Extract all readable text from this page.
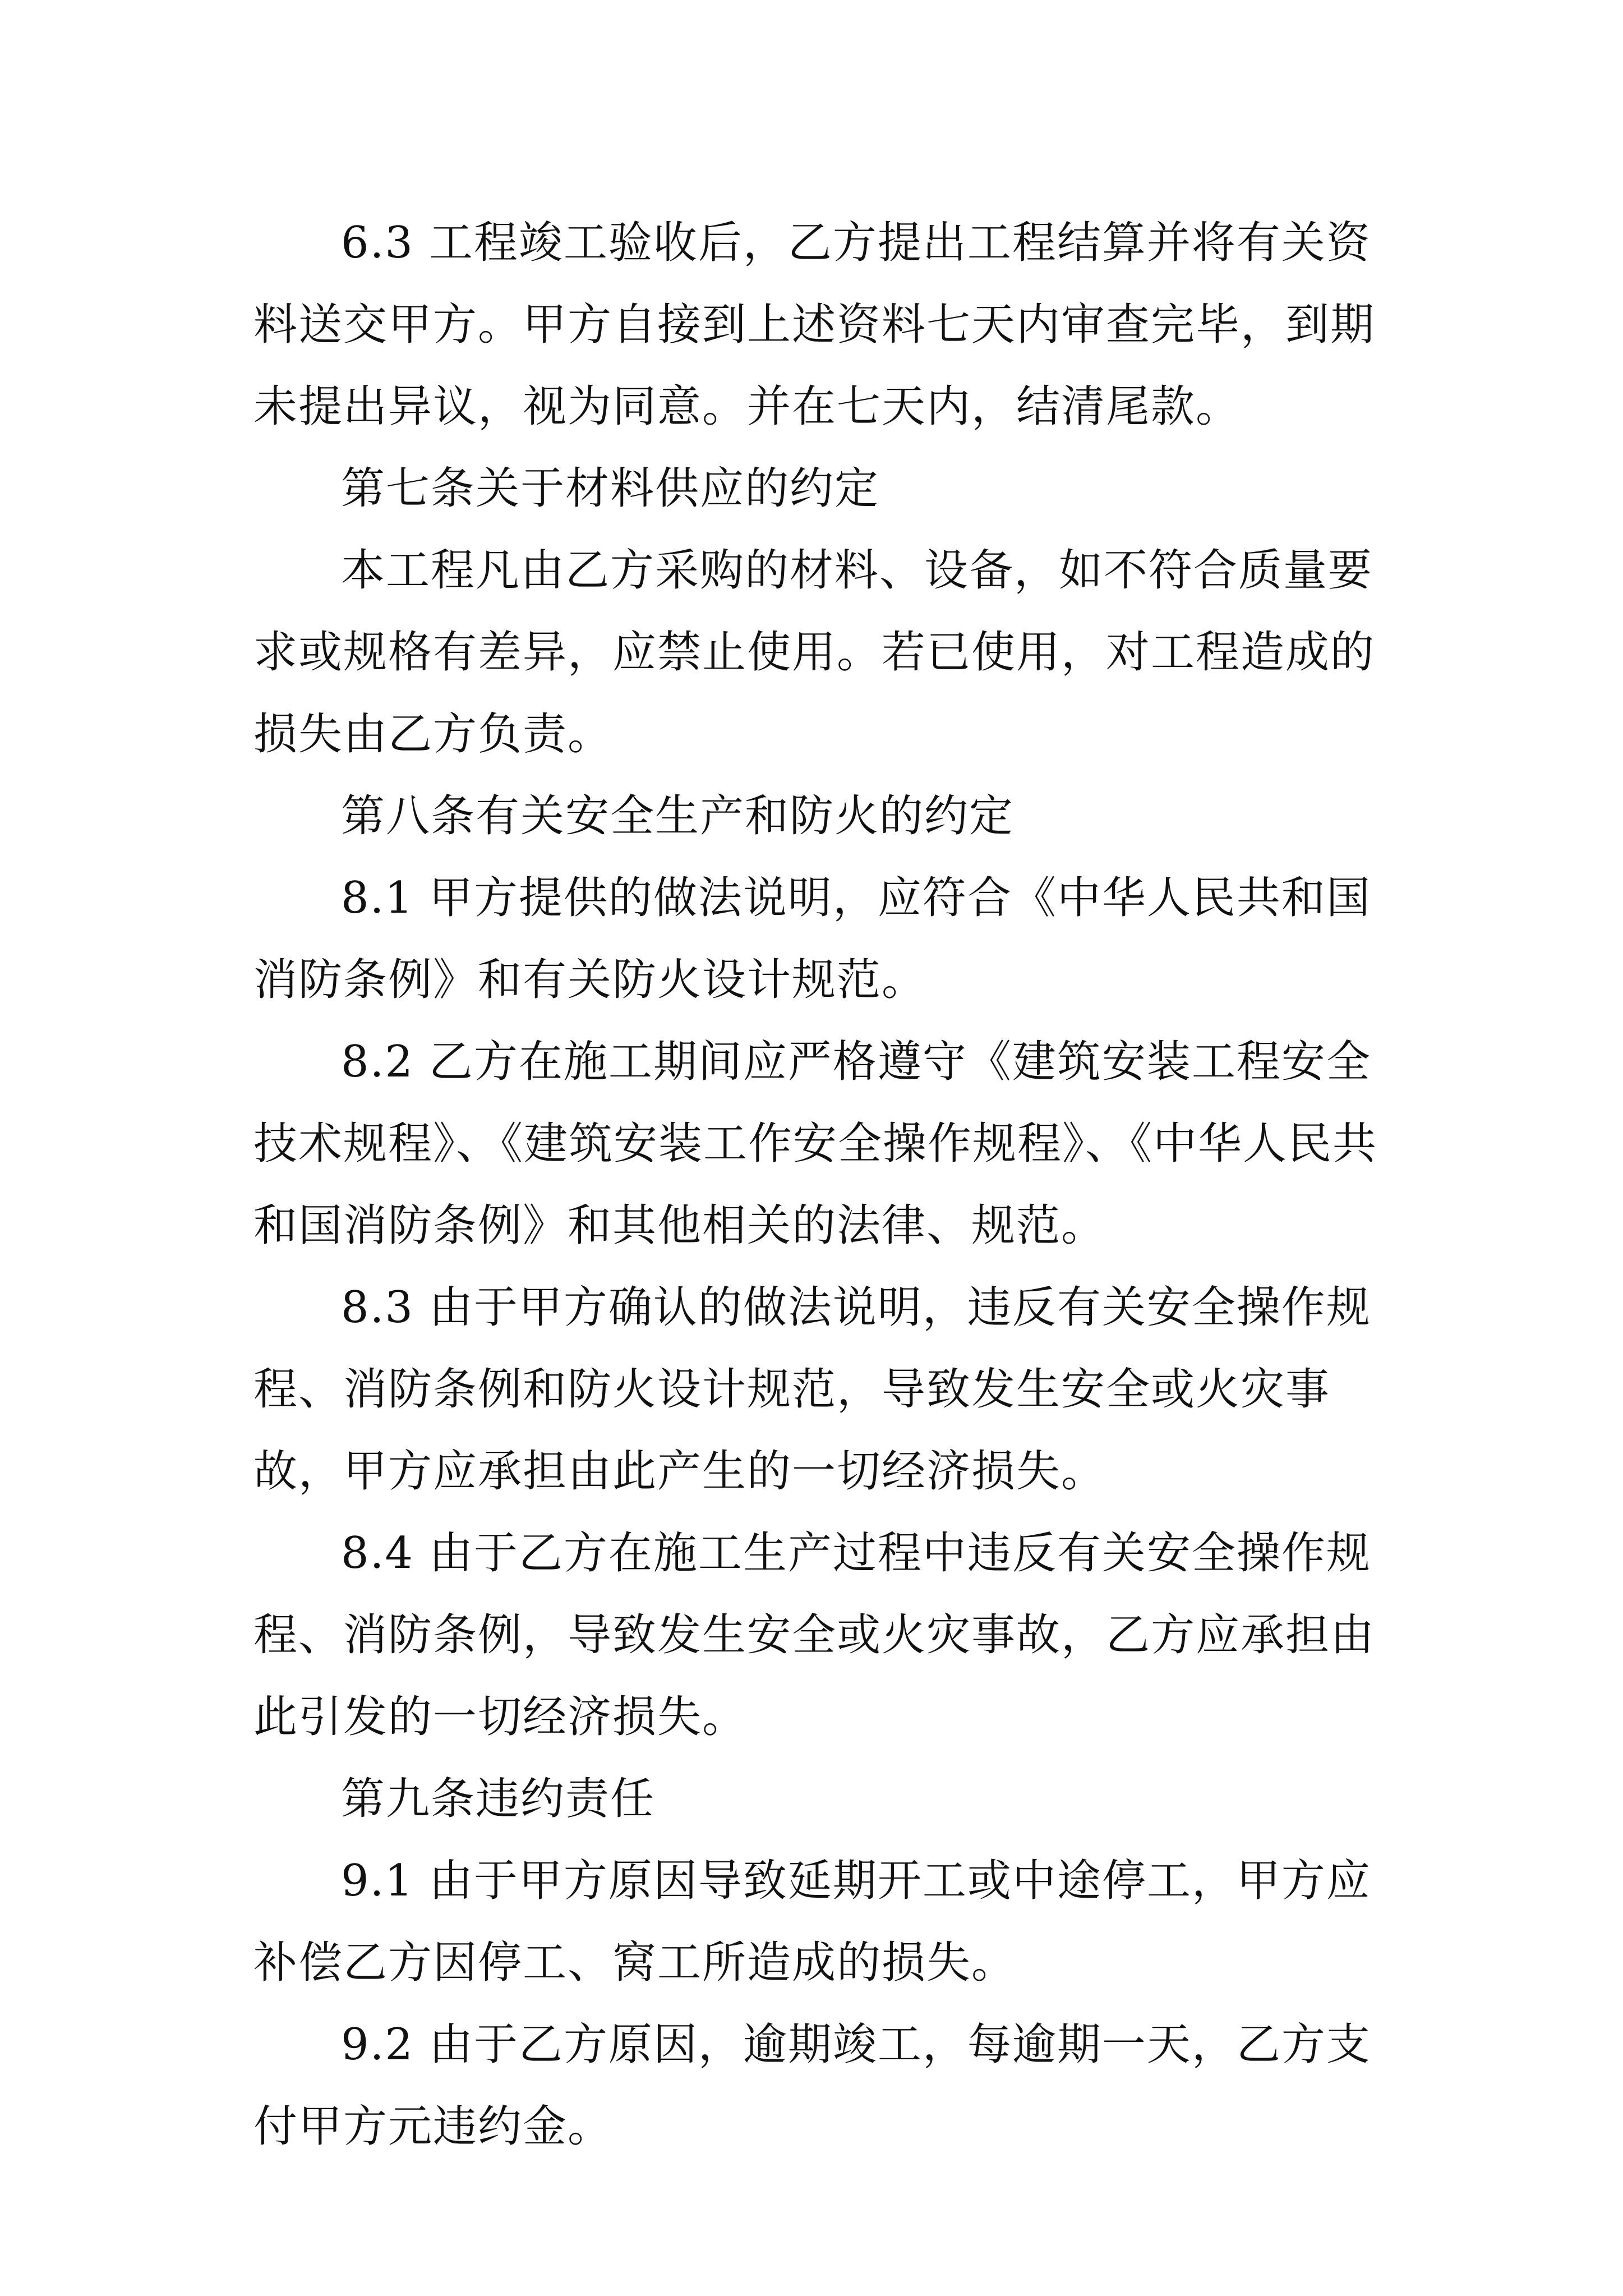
6.3 工程竣工验收后，乙方提出工程结算并将有关资料送交甲方。甲方自接到上述资料七天内审查完毕，到期未提出异议，视为同意。并在七天内，结清尾款。

第七条关于材料供应的约定

本工程凡由乙方采购的材料、设备，如不符合质量要求或规格有差异，应禁止使用。若已使用，对工程造成的损失由乙方负责。

第八条有关安全生产和防火的约定

8.1 甲方提供的做法说明，应符合《中华人民共和国消防条例》和有关防火设计规范。

8.2 乙方在施工期间应严格遵守《建筑安装工程安全技术规程》、《建筑安装工作安全操作规程》、《中华人民共和国消防条例》和其他相关的法律、规范。

8.3 由于甲方确认的做法说明，违反有关安全操作规程、消防条例和防火设计规范，导致发生安全或火灾事故，甲方应承担由此产生的一切经济损失。

8.4 由于乙方在施工生产过程中违反有关安全操作规程、消防条例，导致发生安全或火灾事故，乙方应承担由此引发的一切经济损失。

第九条违约责任

9.1 由于甲方原因导致延期开工或中途停工，甲方应补偿乙方因停工、窝工所造成的损失。

9.2 由于乙方原因，逾期竣工，每逾期一天，乙方支付甲方元违约金。
